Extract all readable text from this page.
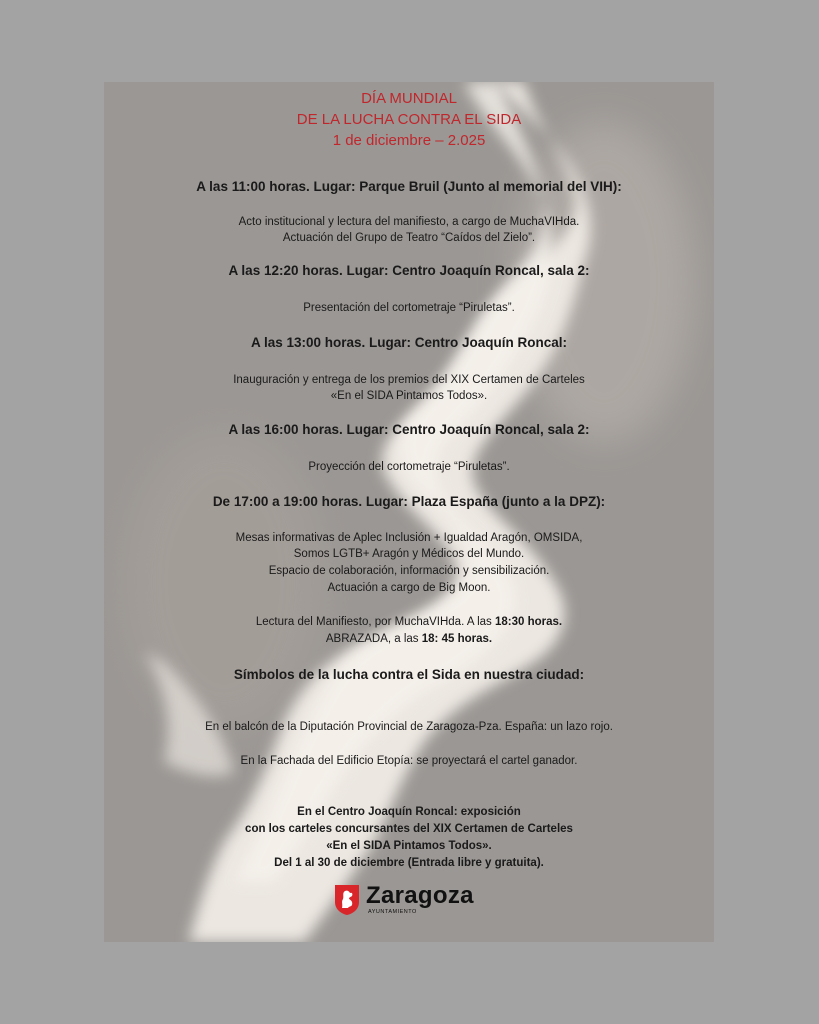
DÍA MUNDIAL
DE LA LUCHA CONTRA EL SIDA
1 de diciembre – 2.025
A las 11:00 horas. Lugar: Parque Bruil (Junto al memorial del VIH):
Acto institucional y lectura del manifiesto, a cargo de MuchaVIHda.
Actuación del Grupo de Teatro “Caídos del Zielo”.
A las 12:20 horas. Lugar: Centro Joaquín Roncal, sala 2:
Presentación del cortometraje “Piruletas”.
A las 13:00 horas. Lugar: Centro Joaquín Roncal:
Inauguración y entrega de los premios del XIX Certamen de Carteles
«En el SIDA Pintamos Todos».
A las 16:00 horas. Lugar: Centro Joaquín Roncal, sala 2:
Proyección del cortometraje “Piruletas”.
De 17:00 a 19:00 horas. Lugar: Plaza España (junto a la DPZ):
Mesas informativas de Aplec Inclusión + Igualdad Aragón, OMSIDA,
Somos LGTB+ Aragón y Médicos del Mundo.
Espacio de colaboración, información y sensibilización.
Actuación a cargo de Big Moon.
Lectura del Manifiesto, por MuchaVIHda. A las 18:30 horas.
ABRAZADA, a las 18: 45 horas.
Símbolos de la lucha contra el Sida en nuestra ciudad:
En el balcón de la Diputación Provincial de Zaragoza-Pza. España: un lazo rojo.
En la Fachada del Edificio Etopía: se proyectará el cartel ganador.
En el Centro Joaquín Roncal: exposición
con los carteles concursantes del XIX Certamen de Carteles
«En el SIDA Pintamos Todos».
Del 1 al 30 de diciembre (Entrada libre y gratuita).
Zaragoza
AYUNTAMIENTO
